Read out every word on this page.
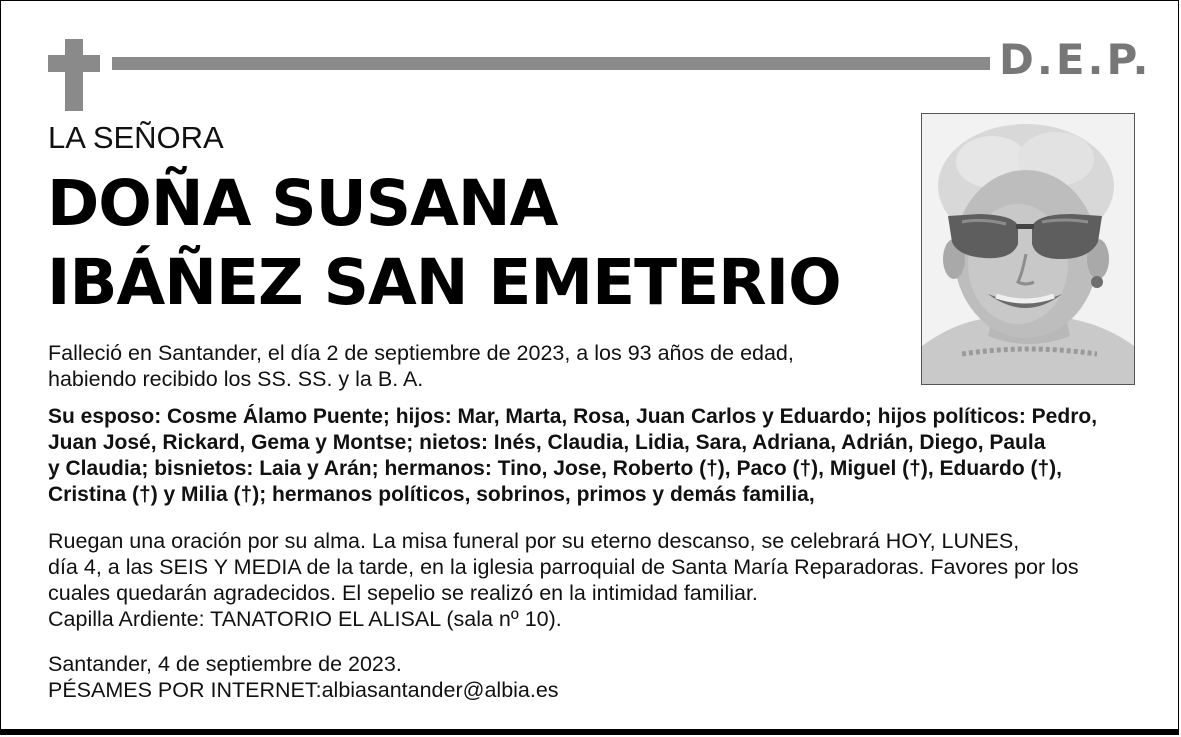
D.E.P.
LA SEÑORA
DOÑA SUSANA
IBÁÑEZ SAN EMETERIO
Falleció en Santander, el día 2 de septiembre de 2023, a los 93 años de edad,
habiendo recibido los SS. SS. y la B. A.
Su esposo: Cosme Álamo Puente; hijos: Mar, Marta, Rosa, Juan Carlos y Eduardo; hijos políticos: Pedro,
Juan José, Rickard, Gema y Montse; nietos: Inés, Claudia, Lidia, Sara, Adriana, Adrián, Diego, Paula
y Claudia; bisnietos: Laia y Arán; hermanos: Tino, Jose, Roberto (†), Paco (†), Miguel (†), Eduardo (†),
Cristina (†) y Milia (†); hermanos políticos, sobrinos, primos y demás familia,
Ruegan una oración por su alma. La misa funeral por su eterno descanso, se celebrará HOY, LUNES,
día 4, a las SEIS Y MEDIA de la tarde, en la iglesia parroquial de Santa María Reparadoras. Favores por los
cuales quedarán agradecidos. El sepelio se realizó en la intimidad familiar.
Capilla Ardiente: TANATORIO EL ALISAL (sala nº 10).
Santander, 4 de septiembre de 2023.
PÉSAMES POR INTERNET:albiasantander@albia.es
